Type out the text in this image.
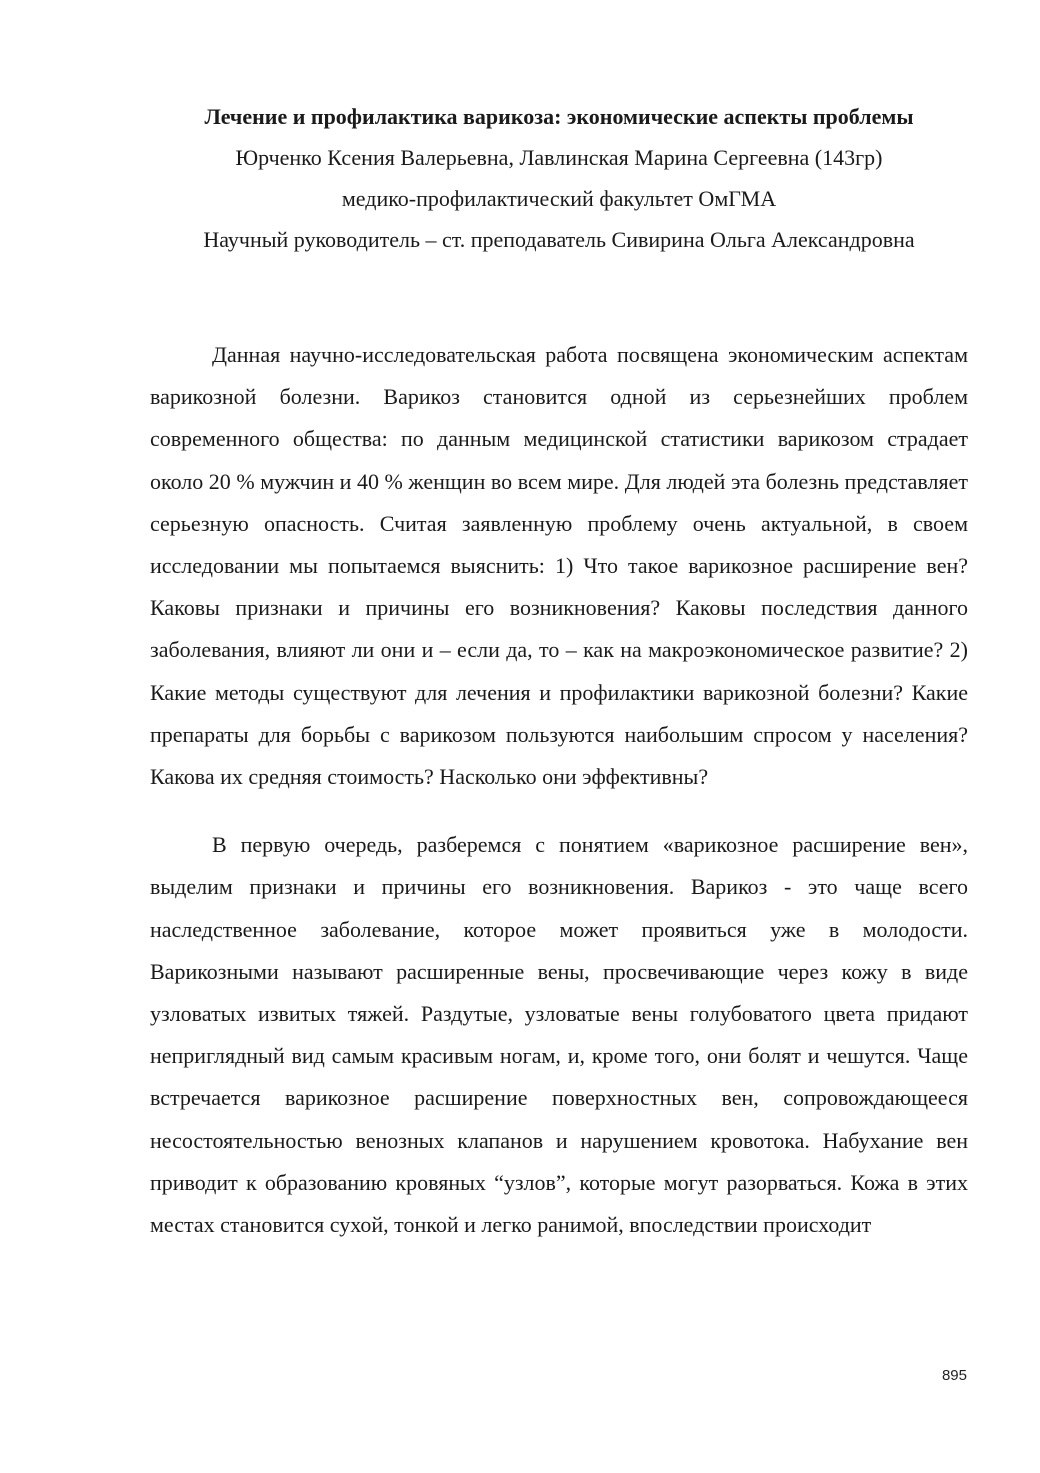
Лечение и профилактика варикоза: экономические аспекты проблемы
Юрченко Ксения Валерьевна, Лавлинская Марина Сергеевна (143гр)
медико-профилактический факультет ОмГМА
Научный руководитель – ст. преподаватель Сивирина Ольга Александровна

Данная научно-исследовательская работа посвящена экономическим аспектам варикозной болезни. Варикоз становится одной из серьезнейших проблем современного общества: по данным медицинской статистики варикозом страдает около 20 % мужчин и 40 % женщин во всем мире. Для людей эта болезнь представляет серьезную опасность. Считая заявленную проблему очень актуальной, в своем исследовании мы попытаемся выяснить: 1) Что такое варикозное расширение вен? Каковы признаки и причины его возникновения? Каковы последствия данного заболевания, влияют ли они и – если да, то – как на макроэкономическое развитие? 2) Какие методы существуют для лечения и профилактики варикозной болезни? Какие препараты для борьбы с варикозом пользуются наибольшим спросом у населения? Какова их средняя стоимость? Насколько они эффективны?

В первую очередь, разберемся с понятием «варикозное расширение вен», выделим признаки и причины его возникновения. Варикоз - это чаще всего наследственное заболевание, которое может проявиться уже в молодости. Варикозными называют расширенные вены, просвечивающие через кожу в виде узловатых извитых тяжей. Раздутые, узловатые вены голубоватого цвета придают неприглядный вид самым красивым ногам, и, кроме того, они болят и чешутся. Чаще встречается варикозное расширение поверхностных вен, сопровождающееся несостоятельностью венозных клапанов и нарушением кровотока. Набухание вен приводит к образованию кровяных “узлов”, которые могут разорваться. Кожа в этих местах становится сухой, тонкой и легко ранимой, впоследствии происходит

895
